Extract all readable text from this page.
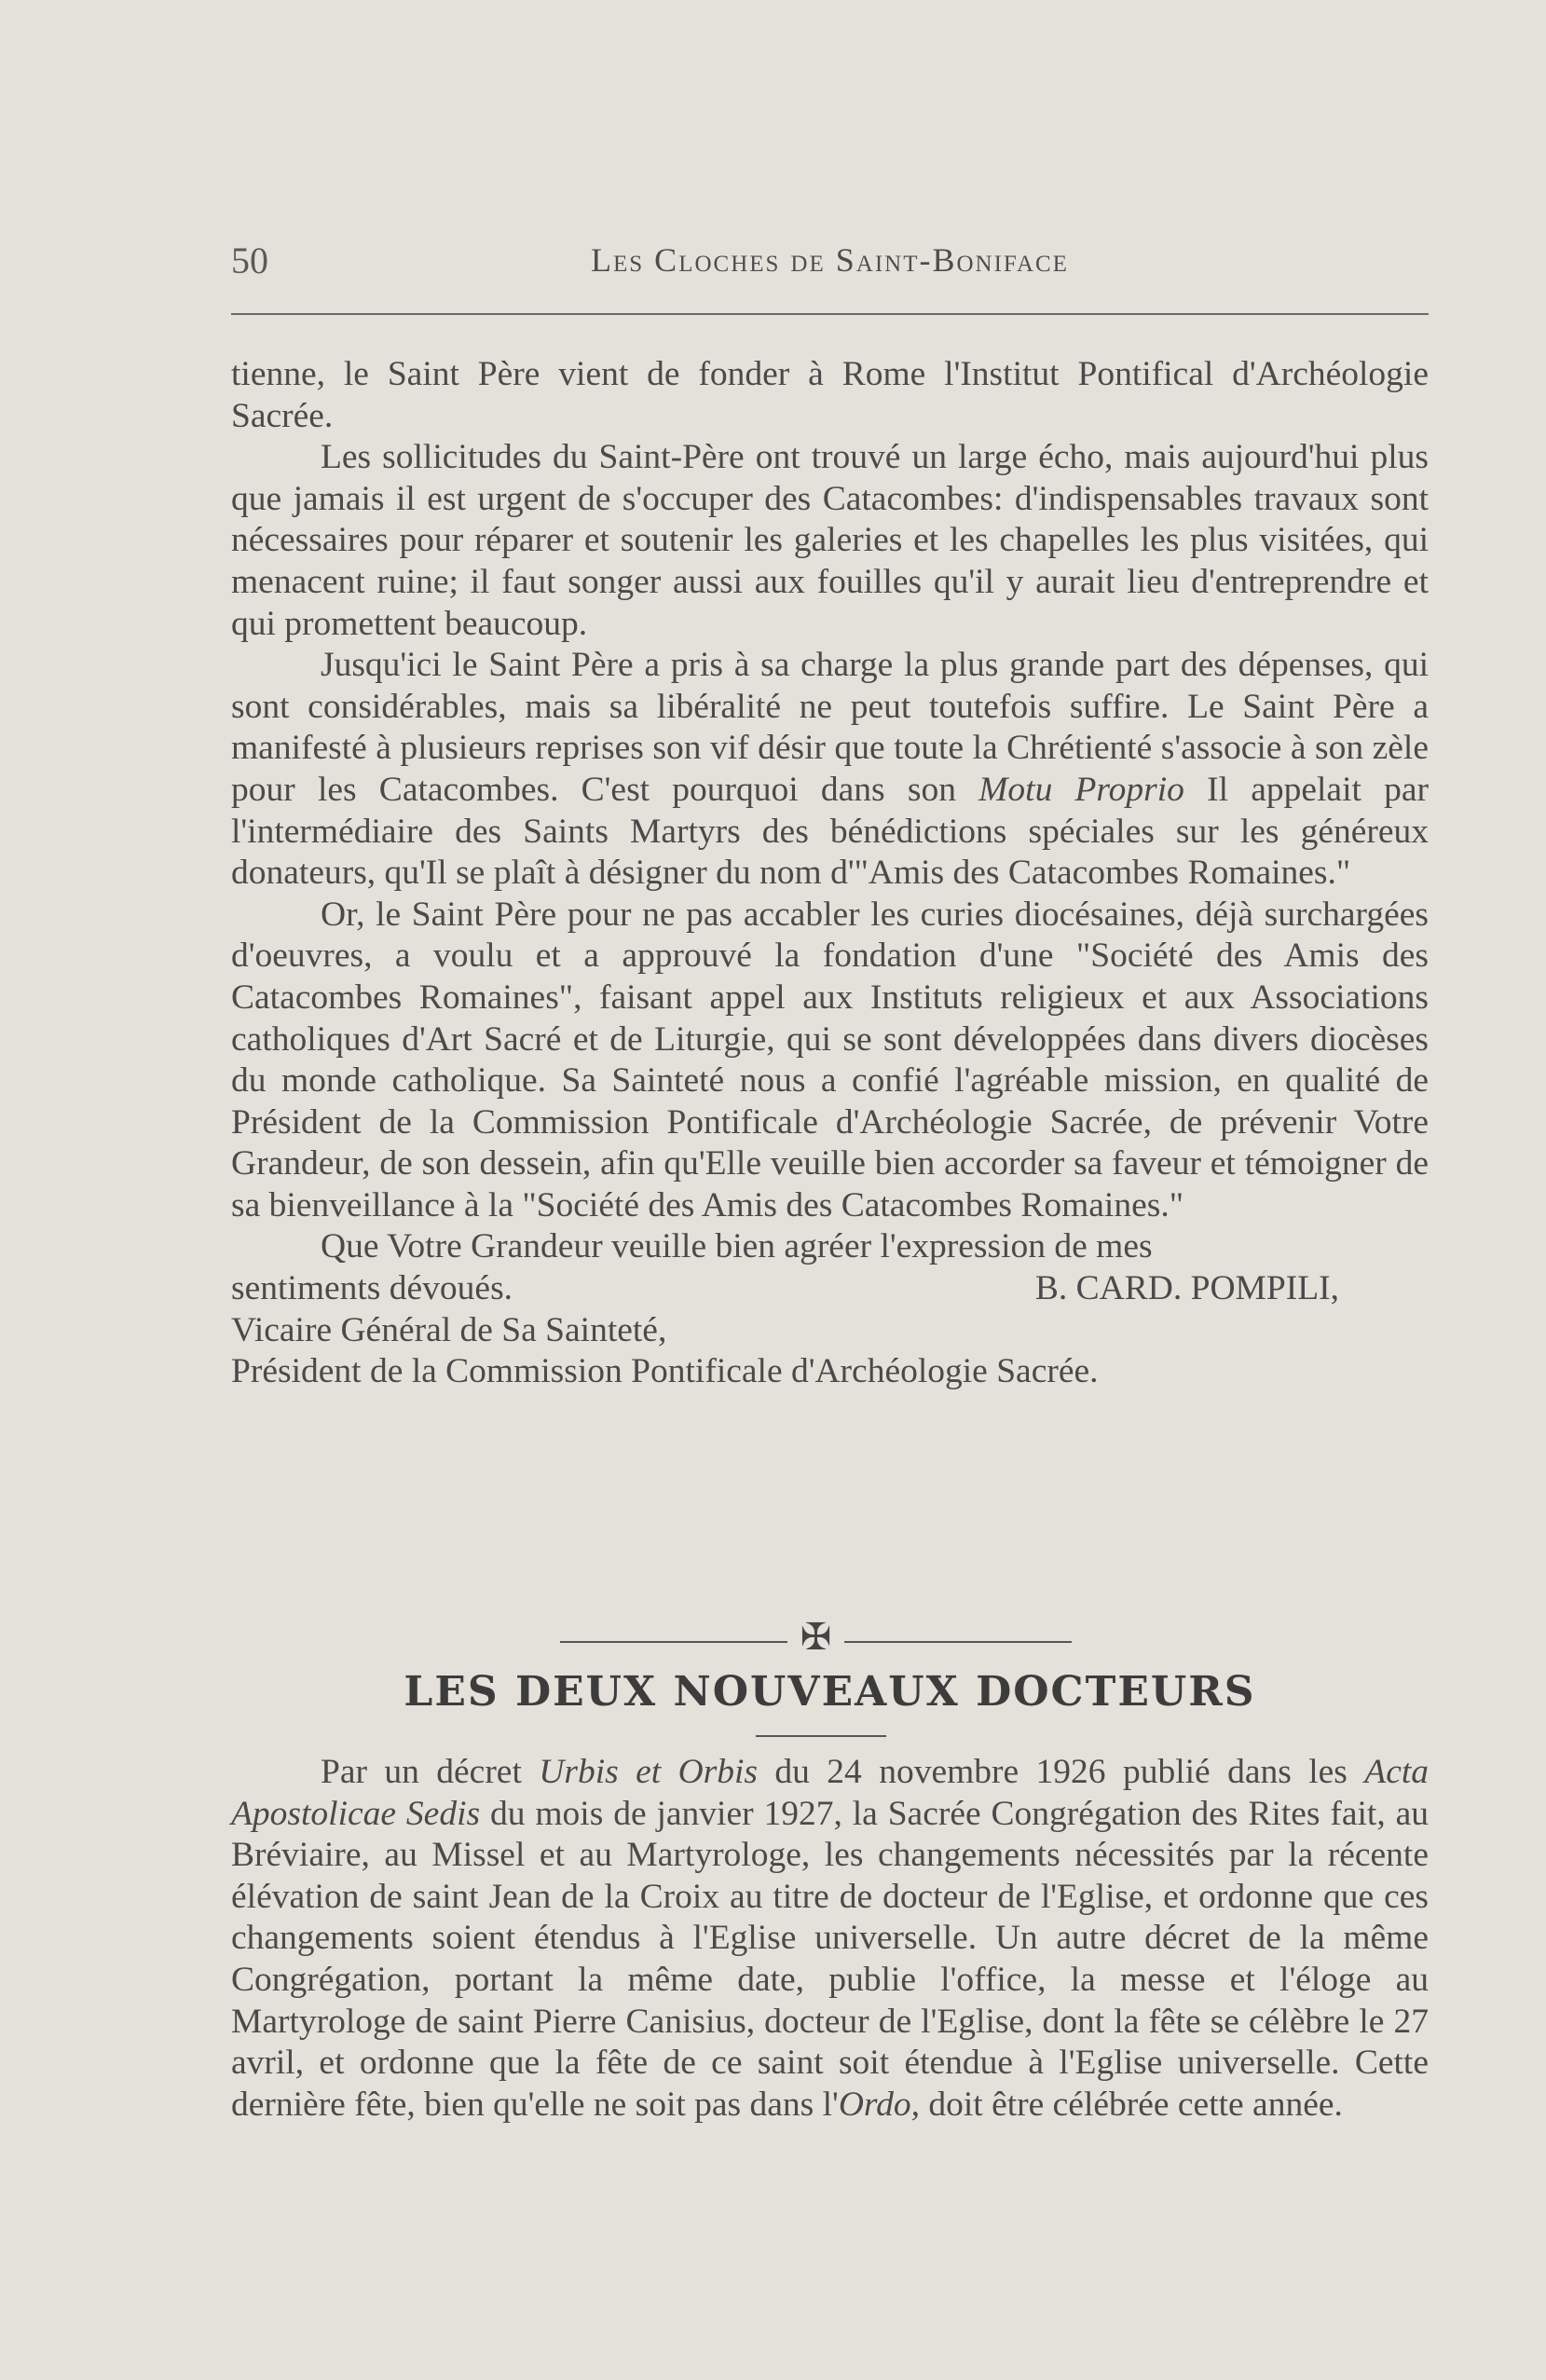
50	Les Cloches de Saint-Boniface

tienne, le Saint Père vient de fonder à Rome l'Institut Pontifical d'Archéologie Sacrée.

Les sollicitudes du Saint-Père ont trouvé un large écho, mais aujourd'hui plus que jamais il est urgent de s'occuper des Catacombes: d'indispensables travaux sont nécessaires pour réparer et soutenir les galeries et les chapelles les plus visitées, qui menacent ruine; il faut songer aussi aux fouilles qu'il y aurait lieu d'entreprendre et qui promettent beaucoup.

Jusqu'ici le Saint Père a pris à sa charge la plus grande part des dépenses, qui sont considérables, mais sa libéralité ne peut toutefois suffire. Le Saint Père a manifesté à plusieurs reprises son vif désir que toute la Chrétienté s'associe à son zèle pour les Catacombes. C'est pourquoi dans son Motu Proprio Il appelait par l'intermédiaire des Saints Martyrs des bénédictions spéciales sur les généreux donateurs, qu'Il se plaît à désigner du nom d'"Amis des Catacombes Romaines."

Or, le Saint Père pour ne pas accabler les curies diocésaines, déjà surchargées d'oeuvres, a voulu et a approuvé la fondation d'une "Société des Amis des Catacombes Romaines", faisant appel aux Instituts religieux et aux Associations catholiques d'Art Sacré et de Liturgie, qui se sont développées dans divers diocèses du monde catholique. Sa Sainteté nous a confié l'agréable mission, en qualité de Président de la Commission Pontificale d'Archéologie Sacrée, de prévenir Votre Grandeur, de son dessein, afin qu'Elle veuille bien accorder sa faveur et témoigner de sa bienveillance à la "Société des Amis des Catacombes Romaines."

Que Votre Grandeur veuille bien agréer l'expression de mes

sentiments dévoués.	B. CARD. POMPILI,

Vicaire Général de Sa Sainteté,

Président de la Commission Pontificale d'Archéologie Sacrée.

✠
LES DEUX NOUVEAUX DOCTEURS

Par un décret Urbis et Orbis du 24 novembre 1926 publié dans les Acta Apostolicae Sedis du mois de janvier 1927, la Sacrée Congrégation des Rites fait, au Bréviaire, au Missel et au Martyrologe, les changements nécessités par la récente élévation de saint Jean de la Croix au titre de docteur de l'Eglise, et ordonne que ces changements soient étendus à l'Eglise universelle. Un autre décret de la même Congrégation, portant la même date, publie l'office, la messe et l'éloge au Martyrologe de saint Pierre Canisius, docteur de l'Eglise, dont la fête se célèbre le 27 avril, et ordonne que la fête de ce saint soit étendue à l'Eglise universelle. Cette dernière fête, bien qu'elle ne soit pas dans l'Ordo, doit être célébrée cette année.
